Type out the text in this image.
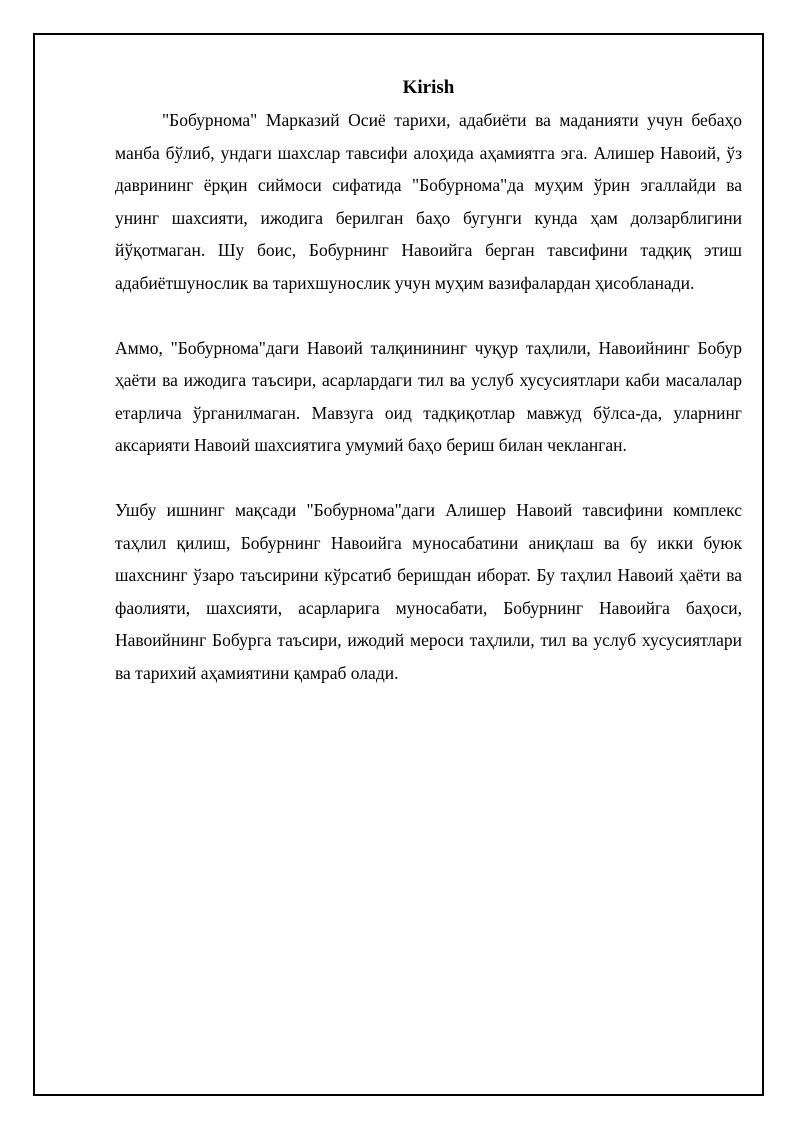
Kirish

"Бобурнома" Марказий Осиё тарихи, адабиёти ва маданияти учун бебаҳо манба бўлиб, ундаги шахслар тавсифи алоҳида аҳамиятга эга. Алишер Навоий, ўз даврининг ёрқин сиймоси сифатида "Бобурнома"да муҳим ўрин эгаллайди ва унинг шахсияти, ижодига берилган баҳо бугунги кунда ҳам долзарблигини йўқотмаган. Шу боис, Бобурнинг Навоийга берган тавсифини тадқиқ этиш адабиётшунослик ва тарихшунослик учун муҳим вазифалардан ҳисобланади.

Аммо, "Бобурнома"даги Навоий талқинининг чуқур таҳлили, Навоийнинг Бобур ҳаёти ва ижодига таъсири, асарлардаги тил ва услуб хусусиятлари каби масалалар етарлича ўрганилмаган. Мавзуга оид тадқиқотлар мавжуд бўлса-да, уларнинг аксарияти Навоий шахсиятига умумий баҳо бериш билан чекланган.

Ушбу ишнинг мақсади "Бобурнома"даги Алишер Навоий тавсифини комплекс таҳлил қилиш, Бобурнинг Навоийга муносабатини аниқлаш ва бу икки буюк шахснинг ўзаро таъсирини кўрсатиб беришдан иборат. Бу таҳлил Навоий ҳаёти ва фаолияти, шахсияти, асарларига муносабати, Бобурнинг Навоийга баҳоси, Навоийнинг Бобурга таъсири, ижодий мероси таҳлили, тил ва услуб хусусиятлари ва тарихий аҳамиятини қамраб олади.
